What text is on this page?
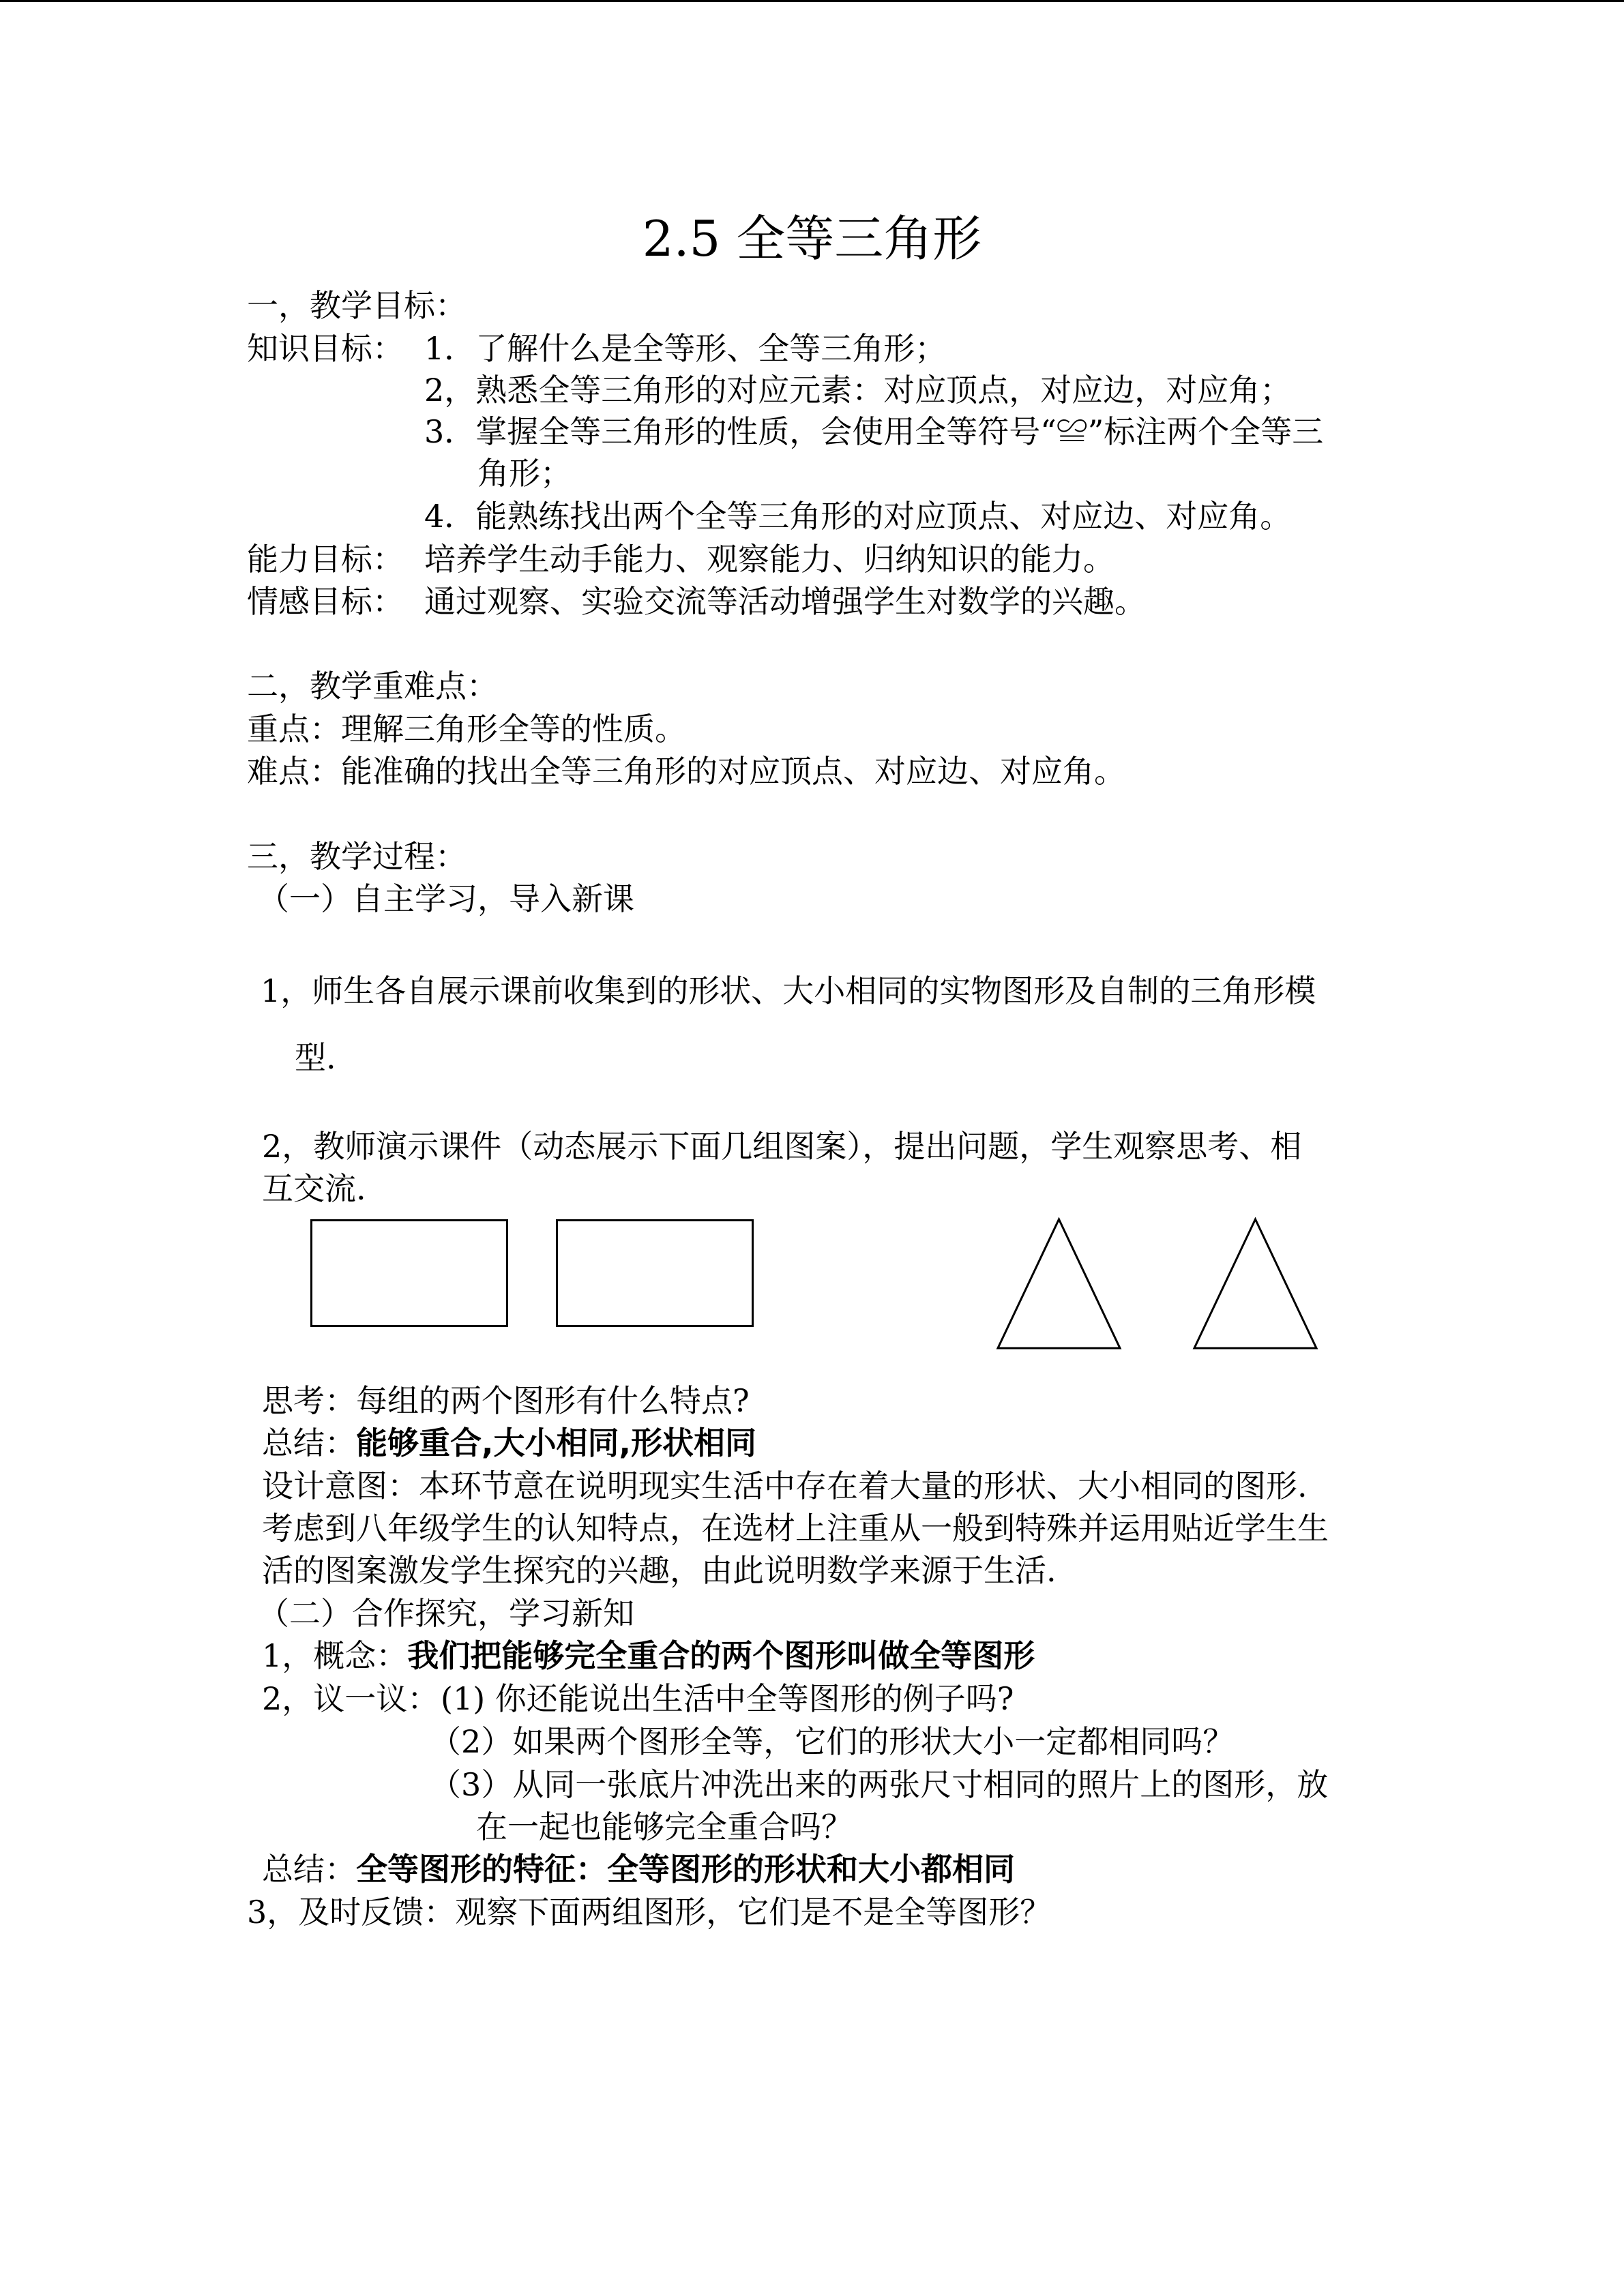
2.5 全等三角形
一，教学目标：
知识目标： 1．了解什么是全等形、全等三角形；
2，熟悉全等三角形的对应元素：对应顶点，对应边，对应角；
3．掌握全等三角形的性质，会使用全等符号“≌”标注两个全等三
角形；
4．能熟练找出两个全等三角形的对应顶点、对应边、对应角。
能力目标： 培养学生动手能力、观察能力、归纳知识的能力。
情感目标： 通过观察、实验交流等活动增强学生对数学的兴趣。
二，教学重难点：
重点：理解三角形全等的性质。
难点：能准确的找出全等三角形的对应顶点、对应边、对应角。
三，教学过程：
（一）自主学习，导入新课
1，师生各自展示课前收集到的形状、大小相同的实物图形及自制的三角形模
型.
2，教师演示课件（动态展示下面几组图案），提出问题，学生观察思考、相
互交流.
思考：每组的两个图形有什么特点?
总结：能够重合,大小相同,形状相同
设计意图：本环节意在说明现实生活中存在着大量的形状、大小相同的图形.
考虑到八年级学生的认知特点，在选材上注重从一般到特殊并运用贴近学生生
活的图案激发学生探究的兴趣，由此说明数学来源于生活.
（二）合作探究，学习新知
1，概念：我们把能够完全重合的两个图形叫做全等图形
2，议一议： (1) 你还能说出生活中全等图形的例子吗?
（2）如果两个图形全等，它们的形状大小一定都相同吗？
（3）从同一张底片冲洗出来的两张尺寸相同的照片上的图形，放
在一起也能够完全重合吗？
总结：全等图形的特征：全等图形的形状和大小都相同
3，及时反馈：观察下面两组图形，它们是不是全等图形？
